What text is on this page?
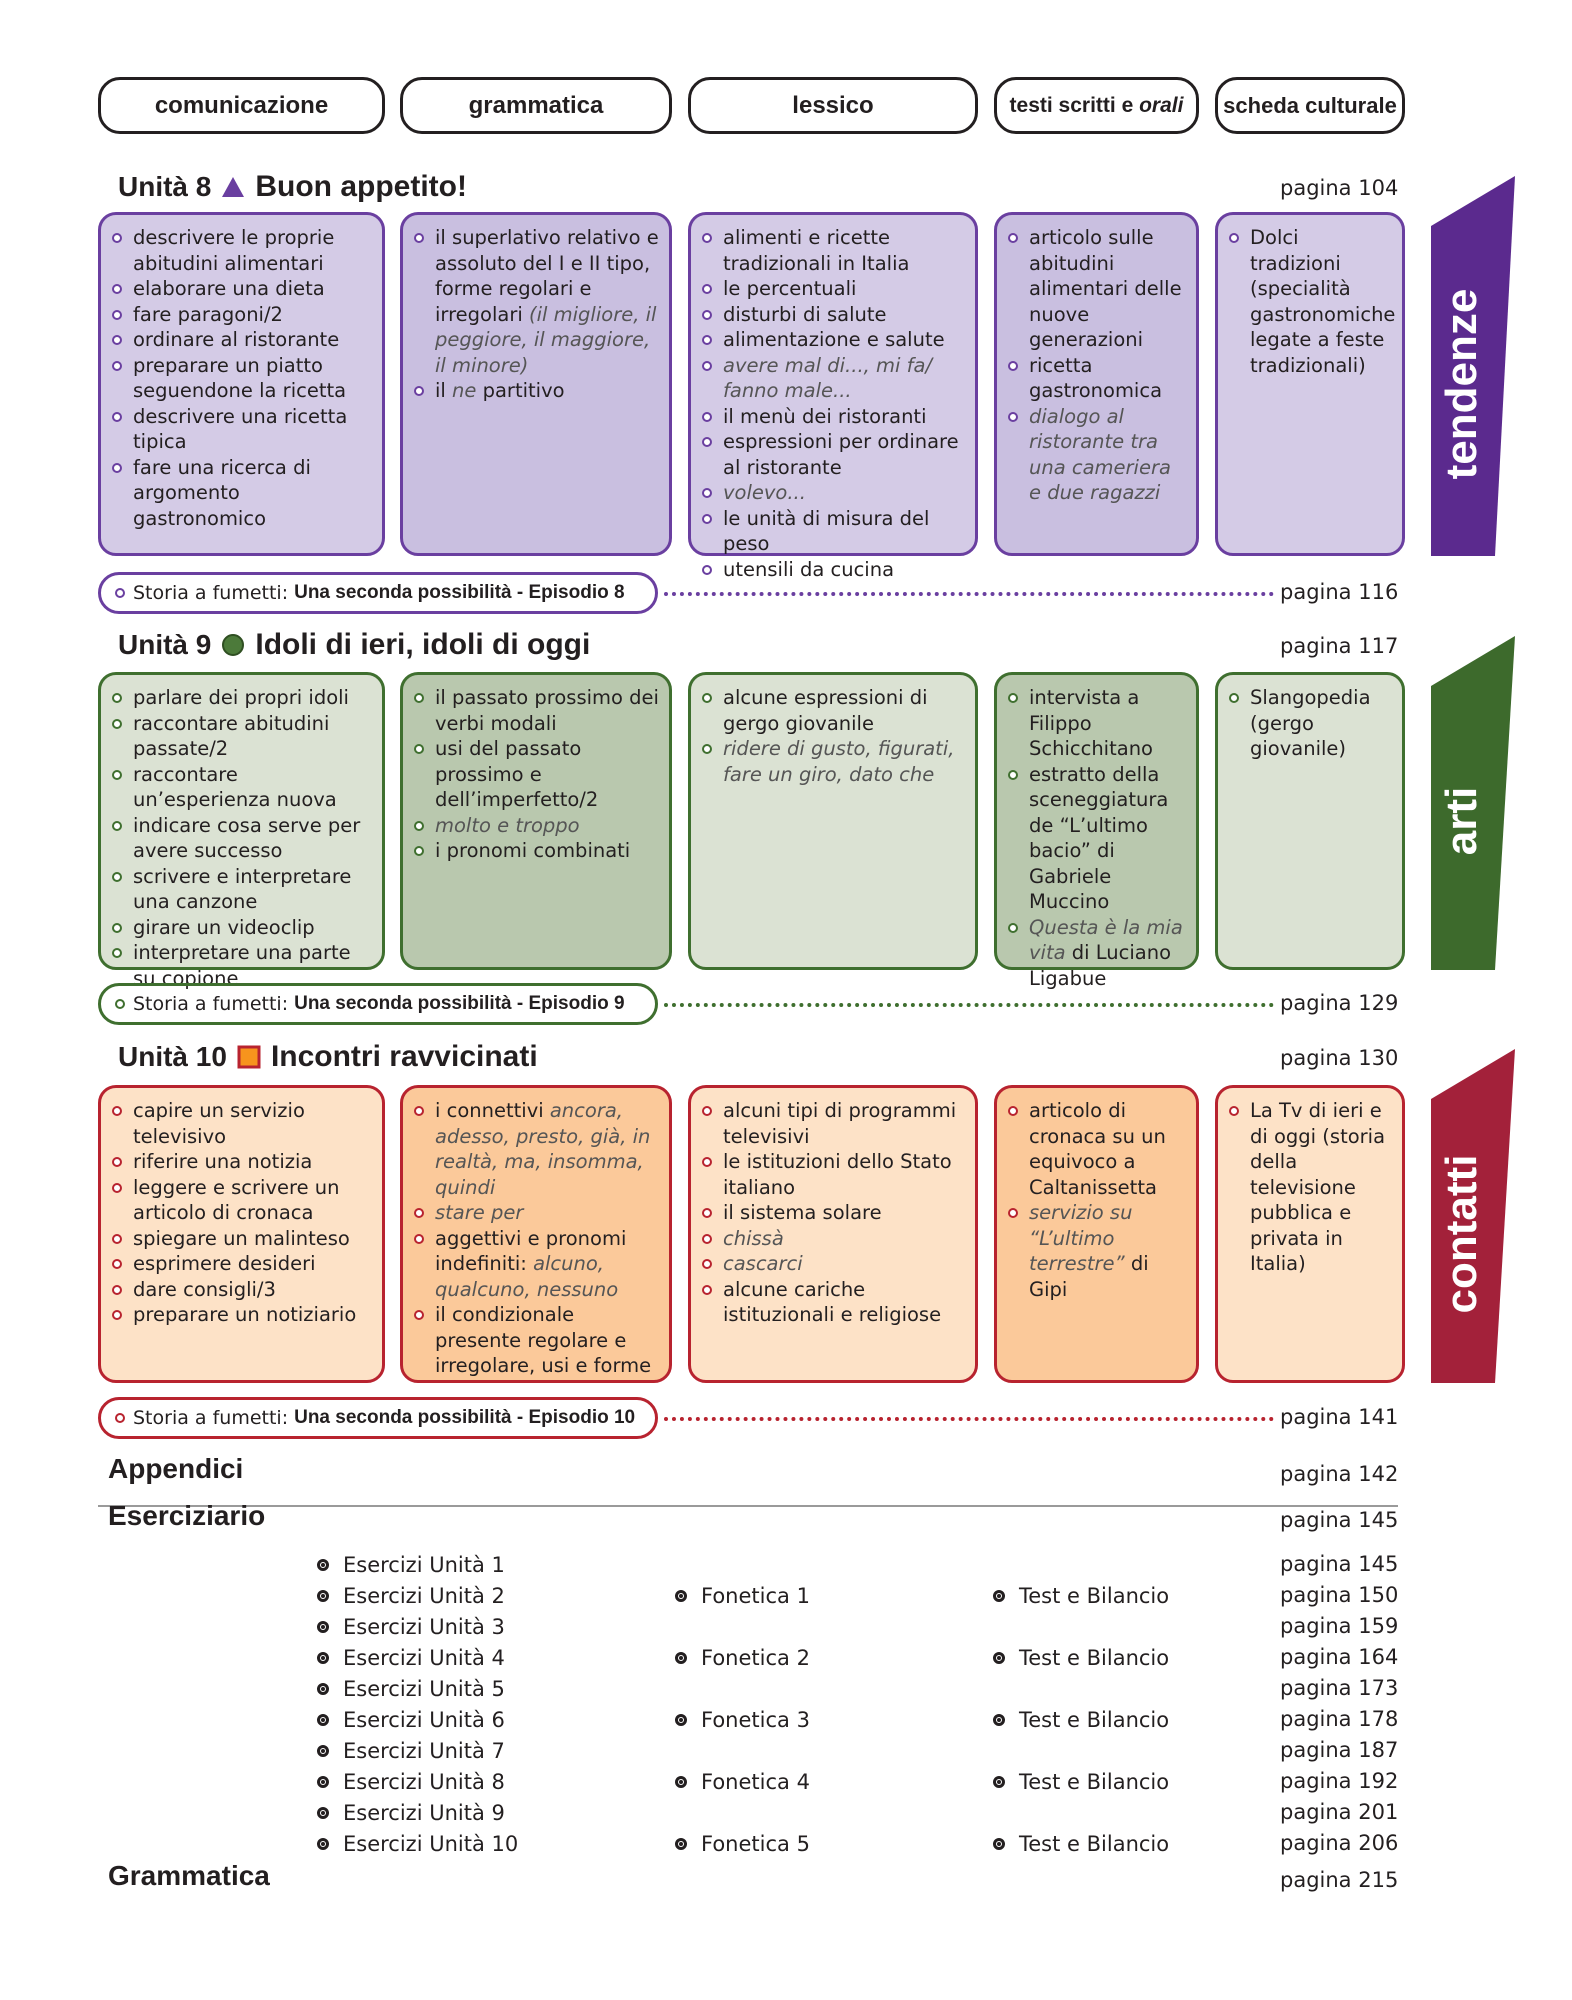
comunicazione	grammatica	lessico	testi scritti e
orali scheda culturale
Unità 8 Buon appetito!	pagina 104
descrivere le proprie abitudini alimentari
elaborare una dieta
fare paragoni/2
ordinare al ristorante
preparare un piatto seguendone la ricetta
descrivere una ricetta tipica
fare una ricerca di argomento gastronomico
il superlativo relativo e assoluto del I e II tipo, forme regolari e irregolari (il migliore, il peggiore, il maggiore, il minore)
il ne partitivo
alimenti e ricette tradizionali in Italia
le percentuali
disturbi di salute
alimentazione e salute
avere mal di..., mi fa/ fanno male...
il menù dei ristoranti
espressioni per ordinare al ristorante
volevo...
le unità di misura del peso
utensili da cucina
articolo sulle abitudini alimentari delle nuove generazioni
ricetta gastronomica
dialogo al ristorante tra una cameriera e due ragazzi
Dolci tradizioni (specialità gastronomiche legate a feste tradizionali)	tendenze
Storia a fumetti: Una seconda possibilità - Episodio 8	pagina 116
Unità 9 Idoli di ieri, idoli di oggi	pagina 117
parlare dei propri idoli
raccontare abitudini passate/2
raccontare un’esperienza nuova
indicare cosa serve per avere successo
scrivere e interpretare una canzone
girare un videoclip
interpretare una parte su copione
il passato prossimo dei verbi modali
usi del passato prossimo e dell’imperfetto/2
molto e troppo
i pronomi combinati
alcune espressioni di gergo giovanile
ridere di gusto, figurati, fare un giro, dato che
intervista a Filippo Schicchitano
estratto della sceneggiatura de “L’ultimo bacio” di Gabriele Muccino
Questa è la mia vita di Luciano Ligabue
Slangopedia (gergo giovanile)
arti
Storia a fumetti: Una seconda possibilità - Episodio 9	pagina 129
Unità 10 Incontri ravvicinati	pagina 130
capire un servizio televisivo
riferire una notizia
leggere e scrivere un articolo di cronaca
spiegare un malinteso
esprimere desideri
dare consigli/3
preparare un notiziario
i connettivi ancora, adesso, presto, già, in realtà, ma, insomma, quindi
stare per
aggettivi e pronomi indefiniti: alcuno, qualcuno, nessuno
il condizionale presente regolare e irregolare, usi e forme
alcuni tipi di programmi televisivi
le istituzioni dello Stato italiano
il sistema solare
chissà
cascarci
alcune cariche istituzionali e religiose
articolo di cronaca su un equivoco a Caltanissetta
servizio su “L’ultimo terrestre” di Gipi
La Tv di ieri e di oggi (storia della televisione pubblica e privata in Italia)	contatti
Storia a fumetti: Una seconda possibilità - Episodio 10	pagina 141
Appendici	pagina 142
Eserciziario	pagina 145
Esercizi Unità 1	pagina 145
Esercizi Unità 2	Fonetica 1	Test e Bilancio	pagina 150
Esercizi Unità 3	pagina 159
Esercizi Unità 4	Fonetica 2	Test e Bilancio	pagina 164
Esercizi Unità 5	pagina 173
Esercizi Unità 6	Fonetica 3	Test e Bilancio	pagina 178
Esercizi Unità 7	pagina 187
Esercizi Unità 8	Fonetica 4	Test e Bilancio	pagina 192
Esercizi Unità 9	pagina 201
Esercizi Unità 10	Fonetica 5	Test e Bilancio	pagina 206
Grammatica	pagina 215
